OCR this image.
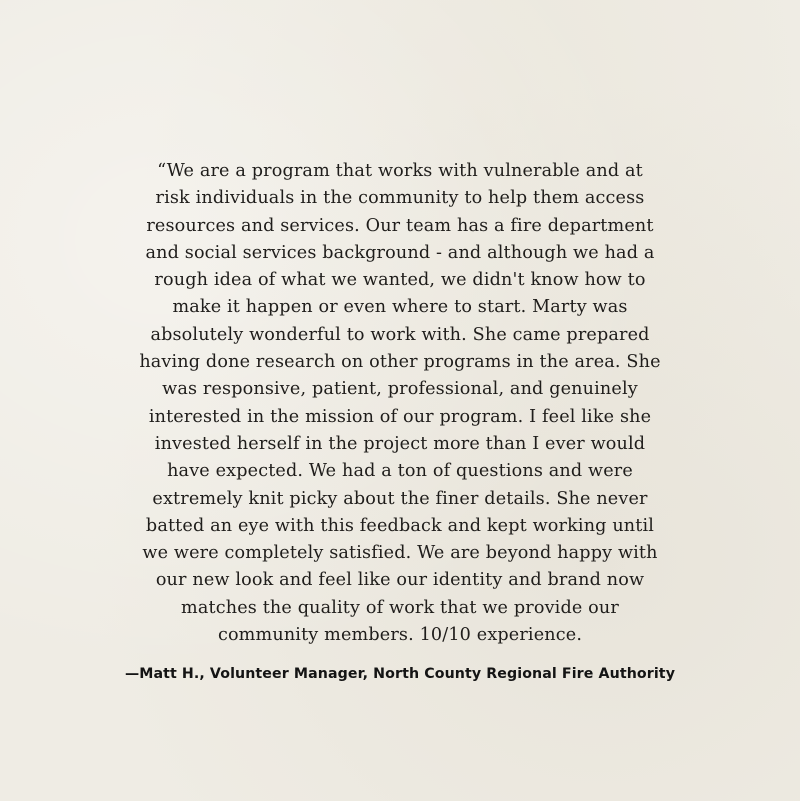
“We are a program that works with vulnerable and at
risk individuals in the community to help them access
resources and services. Our team has a fire department
and social services background - and although we had a
rough idea of what we wanted, we didn't know how to
make it happen or even where to start. Marty was
absolutely wonderful to work with. She came prepared
having done research on other programs in the area. She
was responsive, patient, professional, and genuinely
interested in the mission of our program. I feel like she
invested herself in the project more than I ever would
have expected. We had a ton of questions and were
extremely knit picky about the finer details. She never
batted an eye with this feedback and kept working until
we were completely satisfied. We are beyond happy with
our new look and feel like our identity and brand now
matches the quality of work that we provide our
community members. 10/10 experience.

—Matt H., Volunteer Manager, North County Regional Fire Authority
